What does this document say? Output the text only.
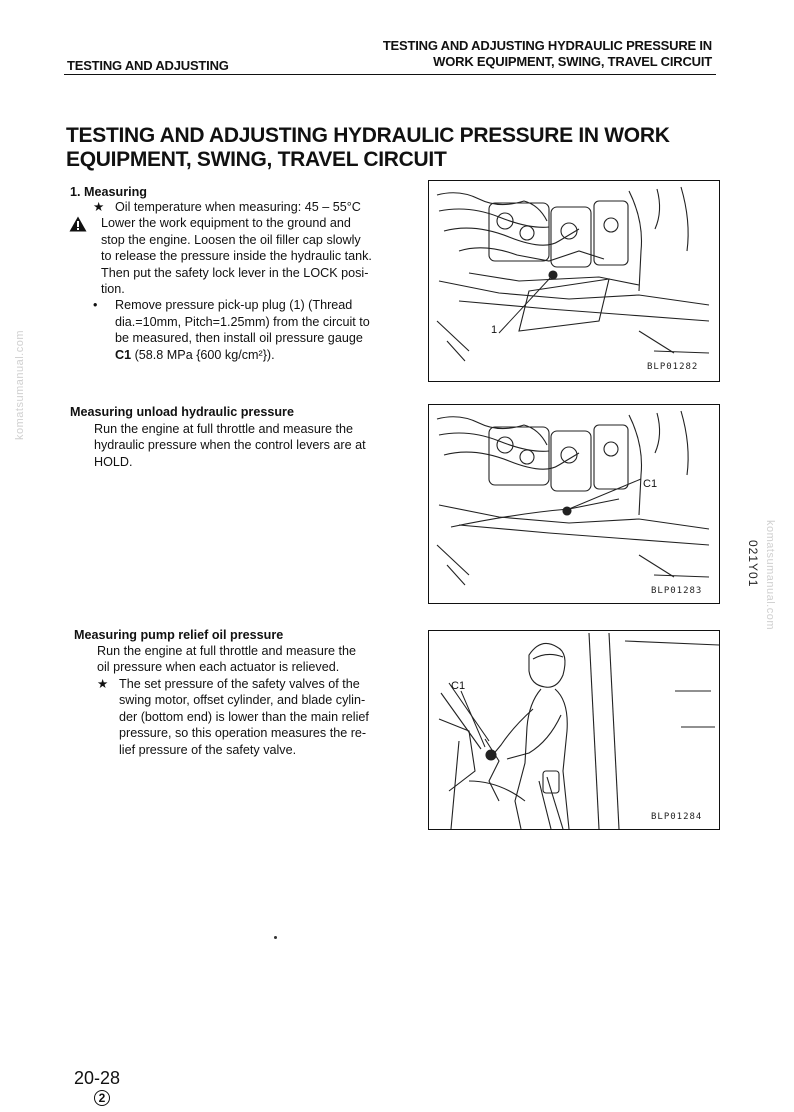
TESTING AND ADJUSTING
TESTING AND ADJUSTING HYDRAULIC PRESSURE IN
WORK EQUIPMENT, SWING, TRAVEL CIRCUIT
TESTING AND ADJUSTING HYDRAULIC PRESSURE IN WORK
EQUIPMENT, SWING, TRAVEL CIRCUIT
1. Measuring
★ Oil temperature when measuring: 45 – 55°C

Lower the work equipment to the ground and

stop the engine. Loosen the oil filler cap slowly

to release the pressure inside the hydraulic tank.

Then put the safety lock lever in the LOCK posi-

tion.

•	Remove pressure pick-up plug (1) (Thread

dia.=10mm, Pitch=1.25mm) from the circuit to

be measured, then install oil pressure gauge

C1 (58.8 MPa {600 kg/cm²}).

1
BLP01282
Measuring unload hydraulic pressure

Run the engine at full throttle and measure the

hydraulic pressure when the control levers are at

HOLD.

C1
BLP01283
Measuring pump relief oil pressure

Run the engine at full throttle and measure the

oil pressure when each actuator is relieved.

★ The set pressure of the safety valves of the

swing motor, offset cylinder, and blade cylin-

der (bottom end) is lower than the main relief

pressure, so this operation measures the re-

lief pressure of the safety valve.

C1
BLP01284
komatsumanual.com
komatsumanual.com
021Y01
20-28
2
